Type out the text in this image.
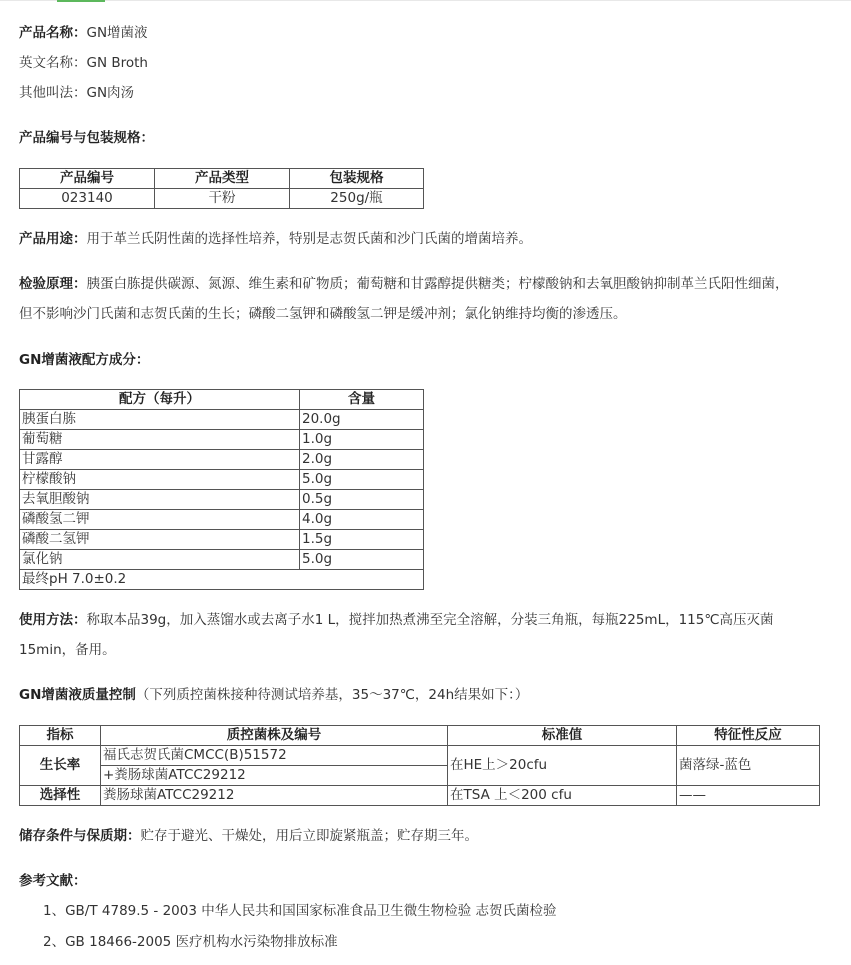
产品名称：GN增菌液
英文名称：GN Broth
其他叫法：GN肉汤
产品编号与包装规格：
产品编号	产品类型	包装规格
023140	干粉	250g/瓶
产品用途：用于革兰氏阴性菌的选择性培养，特别是志贺氏菌和沙门氏菌的增菌培养。
检验原理：胰蛋白胨提供碳源、氮源、维生素和矿物质；葡萄糖和甘露醇提供糖类；柠檬酸钠和去氧胆酸钠抑制革兰氏阳性细菌，
但不影响沙门氏菌和志贺氏菌的生长；磷酸二氢钾和磷酸氢二钾是缓冲剂；氯化钠维持均衡的渗透压。
GN增菌液配方成分：
配方（每升）	含量
胰蛋白胨	20.0g
葡萄糖	1.0g
甘露醇	2.0g
柠檬酸钠	5.0g
去氧胆酸钠	0.5g
磷酸氢二钾	4.0g
磷酸二氢钾	1.5g
氯化钠	5.0g
最终pH 7.0±0.2	
使用方法：称取本品39g，加入蒸馏水或去离子水1 L，搅拌加热煮沸至完全溶解，分装三角瓶，每瓶225mL，115℃高压灭菌
15min，备用。
GN增菌液质量控制（下列质控菌株接种待测试培养基，35～37℃，24h结果如下：）
指标	质控菌株及编号	标准值	特征性反应
生长率	福氏志贺氏菌CMCC(B)51572	在HE上＞20cfu	菌落绿-蓝色
	+粪肠球菌ATCC29212		
选择性	粪肠球菌ATCC29212	在TSA 上＜200 cfu	——
储存条件与保质期：贮存于避光、干燥处，用后立即旋紧瓶盖；贮存期三年。
参考文献：
1、GB/T 4789.5 - 2003 中华人民共和国国家标准食品卫生微生物检验 志贺氏菌检验
2、GB 18466-2005 医疗机构水污染物排放标准
